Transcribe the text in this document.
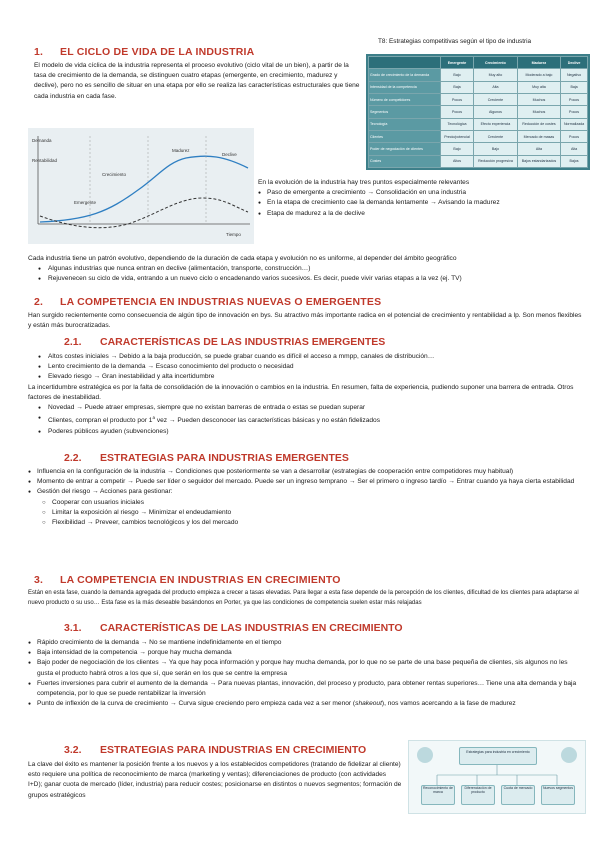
1. EL CICLO DE VIDA DE LA INDUSTRIA
El modelo de vida cíclica de la industria representa el proceso evolutivo (ciclo vital de un bien), a partir de la tasa de crecimiento de la demanda, se distinguen cuatro etapas (emergente, en crecimiento, madurez y declive), pero no es sencillo de situar en una etapa por ello se realiza las características estructurales que tiene cada industria en cada fase.
T8: Estrategias competitivas según el tipo de industria
	Emergente	Crecimiento	Madurez	Declive
Grado de crecimiento de la demanda	Bajo	Muy alto	Moderado a bajo	Negativo
Intensidad de la competencia	Baja	Alta	Muy alta	Baja
Número de competidores	Pocos	Creciente	Muchos	Pocos
Segmentos	Pocos	Algunos	Muchos	Pocos
Tecnología	Tecnológica	Efecto experiencia	Reducción de costes	Normalizada
Clientes	Precio/potencial	Creciente	Mercado de masas	Pocos
Poder de negociación de clientes	Bajo	Bajo	Alta	Alta
Costes	Altos	Reducción progresiva	Bajos estandarizados	Bajos
Demanda
Rentabilidad
Crecimiento
Madurez
Declive
Emergente
Tiempo
En la evolución de la industria hay tres puntos especialmente relevantes
● Paso de emergente a crecimiento → Consolidación en una industria
● En la etapa de crecimiento cae la demanda lentamente → Avisando la madurez
● Etapa de madurez a la de declive
Cada industria tiene un patrón evolutivo, dependiendo de la duración de cada etapa y evolución no es uniforme, al depender del ámbito geográfico
● Algunas industrias que nunca entran en declive (alimentación, transporte, construcción…)
● Rejuvenecen su ciclo de vida, entrando a un nuevo ciclo o encadenando varios sucesivos. Es decir, puede vivir varias etapas a la vez (ej. TV)
2. LA COMPETENCIA EN INDUSTRIAS NUEVAS O EMERGENTES
Han surgido recientemente como consecuencia de algún tipo de innovación en bys. Su atractivo más importante radica en el potencial de crecimiento y rentabilidad a lp. Son menos flexibles y están más burocratizadas.
2.1. CARACTERÍSTICAS DE LAS INDUSTRIAS EMERGENTES
● Altos costes iniciales → Debido a la baja producción, se puede grabar cuando es difícil el acceso a mmpp, canales de distribución…
● Lento crecimiento de la demanda → Escaso conocimiento del producto o necesidad
● Elevado riesgo → Gran inestabilidad y alta incertidumbre
La incertidumbre estratégica es por la falta de consolidación de la innovación o cambios en la industria. En resumen, falta de experiencia, pudiendo suponer una barrera de entrada. Otros factores de inestabilidad.
● Novedad → Puede atraer empresas, siempre que no existan barreras de entrada o estas se puedan superar
● Clientes, compran el producto por 1$^a$ vez → Pueden desconocer las características básicas y no están fidelizados
● Poderes públicos ayuden (subvenciones)
2.2. ESTRATEGIAS PARA INDUSTRIAS EMERGENTES
● Influencia en la configuración de la industria → Condiciones que posteriormente se van a desarrollar (estrategias de cooperación entre competidores muy habitual)
● Momento de entrar a competir → Puede ser líder o seguidor del mercado. Puede ser un ingreso temprano → Ser el primero o ingreso tardío → Entrar cuando ya haya cierta estabilidad
● Gestión del riesgo → Acciones para gestionar:
○ Cooperar con usuarios iniciales
○ Limitar la exposición al riesgo → Minimizar el endeudamiento
○ Flexibilidad → Preveer, cambios tecnológicos y los del mercado
3. LA COMPETENCIA EN INDUSTRIAS EN CRECIMIENTO
Están en esta fase, cuando la demanda agregada del producto empieza a crecer a tasas elevadas. Para llegar a esta fase depende de la percepción de los clientes, dificultad de los clientes para adaptarse al nuevo producto o su uso… Esta fase es la más deseable basándonos en Porter, ya que las condiciones de competencia suelen estar más relajadas
3.1. CARACTERÍSTICAS DE LAS INDUSTRIAS EN CRECIMIENTO
● Rápido crecimiento de la demanda → No se mantiene indefinidamente en el tiempo
● Baja intensidad de la competencia → porque hay mucha demanda
● Bajo poder de negociación de los clientes → Ya que hay poca información y porque hay mucha demanda, por lo que no se parte de una base pequeña de clientes, sis algunos no les gusta el producto habrá otros a los que sí, que serán en los que se centre la empresa
● Fuertes inversiones para cubrir el aumento de la demanda → Para nuevas plantas, innovación, del proceso y producto, para obtener rentas superiores… Tiene una alta demanda y baja competencia, por lo que se puede rentabilizar la inversión
● Punto de inflexión de la curva de crecimiento → Curva sigue creciendo pero empieza cada vez a ser menor (shakeout), nos vamos acercando a la fase de madurez
3.2. ESTRATEGIAS PARA INDUSTRIAS EN CRECIMIENTO
La clave del éxito es mantener la posición frente a los nuevos y a los establecidos competidores (tratando de fidelizar al cliente) esto requiere una política de reconocimiento de marca (marketing y ventas); diferenciaciones de producto (con actividades I+D); ganar cuota de mercado (líder, industria) para reducir costes; posicionarse en distintos o nuevos segmentos; formación de grupos estratégicos
Estrategias para industria en crecimiento
Reconocimiento de marca
Diferenciación de producto
Cuota de mercado	Nuevos segmentos
